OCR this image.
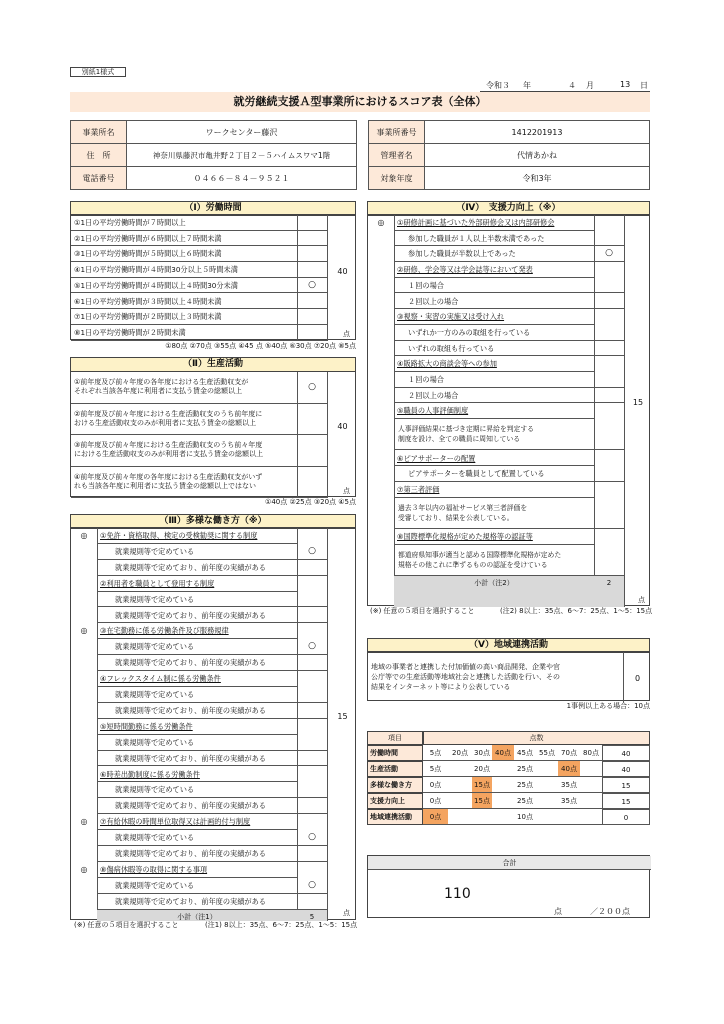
別紙1様式
令和３ 年	４ 月	13 日
就労継続支援Ａ型事業所におけるスコア表（全体）
事業所名	ワークセンター藤沢
住　所	神奈川県藤沢市亀井野２丁目２－５ハイムスワマ1階
電話番号	０４６６－８４－９５２１
事業所番号	1412201913
管理者名	代情あかね
対象年度	令和3年
（Ⅰ）労働時間
①1日の平均労働時間が７時間以上
②1日の平均労働時間が６時間以上７時間未満
③1日の平均労働時間が５時間以上６時間未満
④1日の平均労働時間が４時間30分以上５時間未満
⑤1日の平均労働時間が４時間以上４時間30分未満	○
⑥1日の平均労働時間が３時間以上４時間未満
⑦1日の平均労働時間が２時間以上３時間未満
⑧1日の平均労働時間が２時間未満
40
点
①80点 ②70点 ③55点 ④45 点 ⑤40点 ⑥30点 ⑦20点 ⑧5点
（Ⅱ）生産活動
①前年度及び前々年度の各年度における生産活動収支が
それぞれ当該各年度に利用者に支払う賃金の総額以上	○
②前年度及び前々年度における生産活動収支のうち前年度に
おける生産活動収支のみが利用者に支払う賃金の総額以上
③前年度及び前々年度における生産活動収支のうち前々年度
における生産活動収支のみが利用者に支払う賃金の総額以上
④前年度及び前々年度の各年度における生産活動収支がいず
れも当該各年度に利用者に支払う賃金の総額以上ではない
40
点
①40点 ②25点 ③20点 ④5点
（Ⅲ）多様な働き方（※）
◎	①免許・資格取得、検定の受検勧奨に関する制度
就業規則等で定めている	○
就業規則等で定めており、前年度の実績がある
②利用者を職員として登用する制度
就業規則等で定めている
就業規則等で定めており、前年度の実績がある
◎	③在宅勤務に係る労働条件及び服務規律
就業規則等で定めている	○
就業規則等で定めており、前年度の実績がある
④フレックスタイム制に係る労働条件
就業規則等で定めている
就業規則等で定めており、前年度の実績がある
⑤短時間勤務に係る労働条件
就業規則等で定めている
就業規則等で定めており、前年度の実績がある
⑥時差出勤制度に係る労働条件
就業規則等で定めている
就業規則等で定めており、前年度の実績がある
◎	⑦有給休暇の時間単位取得又は計画的付与制度
就業規則等で定めている	○
就業規則等で定めており、前年度の実績がある
◎	⑧傷病休暇等の取得に関する事項
就業規則等で定めている	○
就業規則等で定めており、前年度の実績がある
小計（注1）	5
15
点
(※) 任意の５項目を選択すること	(注1) 8以上：35点、6～7：25点、1～5：15点
（Ⅳ）　支援力向上（※）
◎	①研修計画に基づいた外部研修会又は内部研修会
参加した職員が１人以上半数未満であった
参加した職員が半数以上であった	○
②研修、学会等又は学会誌等において発表
１回の場合
２回以上の場合
③視察・実習の実施又は受け入れ
いずれか一方のみの取組を行っている
いずれの取組も行っている
④販路拡大の商談会等への参加
１回の場合
２回以上の場合
⑤職員の人事評価制度
人事評価結果に基づき定期に昇給を判定する
制度を設け、全ての職員に周知している
⑥ピアサポーターの配置
ピアサポーターを職員として配置している
⑦第三者評価
過去３年以内の福祉サービス第三者評価を
受審しており、結果を公表している。
⑧国際標準化規格が定めた規格等の認証等
都道府県知事が適当と認める国際標準化規格が定めた
規格その他これに準ずるものの認証を受けている
小計（注2）	2
15
点
(※) 任意の５項目を選択すること	(注2) 8以上：35点、6～7：25点、1～5：15点
（Ⅴ）地域連携活動
地域の事業者と連携した付加価値の高い商品開発、企業や官
公庁等での生産活動等地域社会と連携した活動を行い、その
結果をインターネット等により公表している
0
1事例以上ある場合：10点
項目	点数
労働時間	5点	20点 30点 40点 45点 55点 70点 80点	40
生産活動	5点	20点	25点	40点	40
多様な働き方	0点	15点	25点	35点	15
支援力向上	0点	15点	25点	35点	15
地域連携活動	0点	10点	0
合計
110
点	／２００点
